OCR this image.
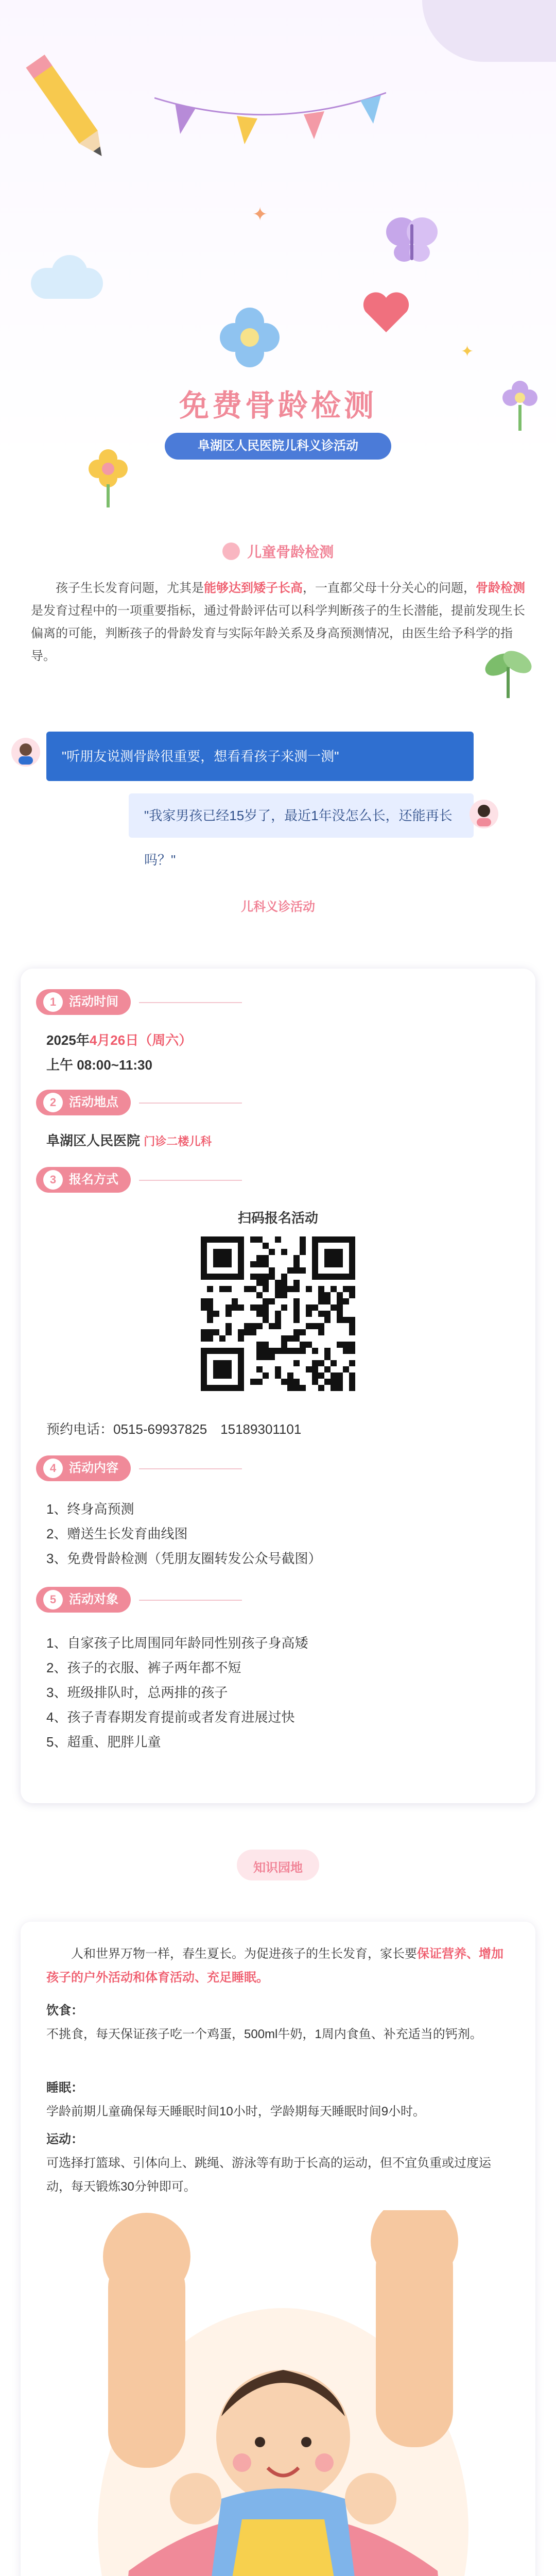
✦
✦
免费骨龄检测
阜湖区人民医院儿科义诊活动
儿童骨龄检测
孩子生长发育问题，尤其是能够达到矮子长高，一直都父母十分关心的问题，骨龄检测是发育过程中的一项重要指标，通过骨龄评估可以科学判断孩子的生长潜能，提前发现生长偏离的可能，判断孩子的骨龄发育与实际年龄关系及身高预测情况，由医生给予科学的指导。
"听朋友说测骨龄很重要，想看看孩子来测一测"
"我家男孩已经15岁了，最近1年没怎么长，还能再长吗？"
儿科义诊活动
1 活动时间
2025年4月26日（周六）
上午 08:00~11:30
2 活动地点
阜湖区人民医院 门诊二楼儿科
3 报名方式
扫码报名活动
预约电话：0515-69937825　15189301101
4 活动内容
1、终身高预测
2、赠送生长发育曲线图
3、免费骨龄检测（凭朋友圈转发公众号截图）
5 活动对象
1、自家孩子比周围同年龄同性别孩子身高矮
2、孩子的衣服、裤子两年都不短
3、班级排队时，总两排的孩子
4、孩子青春期发育提前或者发育进展过快
5、超重、肥胖儿童
知识园地
人和世界万物一样，春生夏长。为促进孩子的生长发育，家长要保证营养、增加孩子的户外活动和体育活动、充足睡眠。
饮食：
不挑食，每天保证孩子吃一个鸡蛋，500ml牛奶，1周内食鱼、补充适当的钙剂。
睡眠：
学龄前期儿童确保每天睡眠时间10小时，学龄期每天睡眠时间9小时。
运动：
可选择打篮球、引体向上、跳绳、游泳等有助于长高的运动，但不宜负重或过度运动，每天锻炼30分钟即可。
